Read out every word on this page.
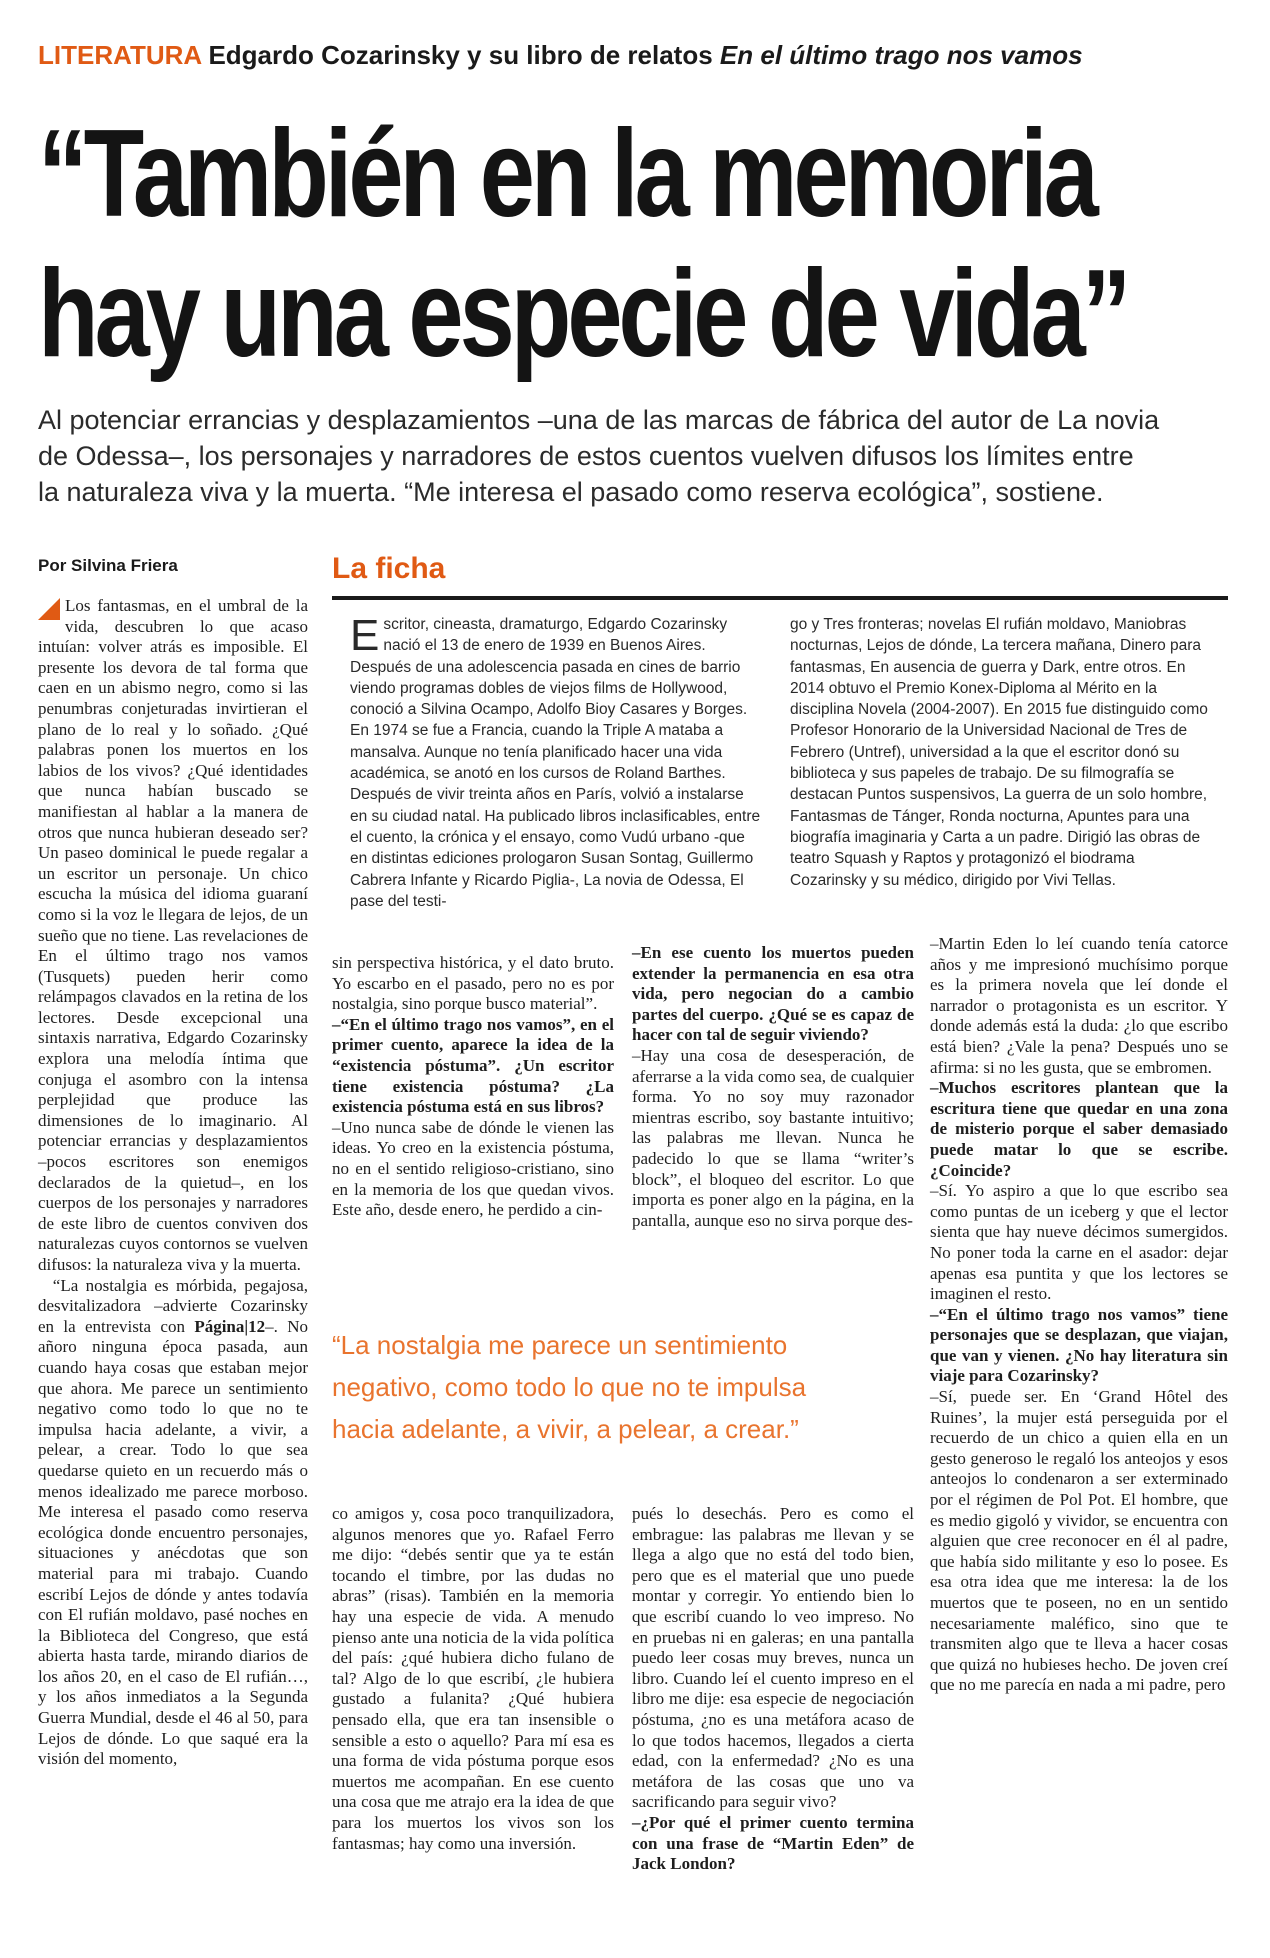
LITERATURA Edgardo Cozarinsky y su libro de relatos En el último trago nos vamos
“También en la memoria
hay una especie de vida”

Al potenciar errancias y desplazamientos –una de las marcas de fábrica del autor de La novia

de Odessa–, los personajes y narradores de estos cuentos vuelven difusos los límites entre

la naturaleza viva y la muerta. “Me interesa el pasado como reserva ecológica”, sostiene.

Por Silvina Friera	La ficha

Escritor, cineasta, dramaturgo, Edgardo Cozarinsky nació el 13 de enero de 1939 en Buenos Aires. Después de una adolescencia pasada en cines de barrio viendo programas dobles de viejos films de Hollywood, conoció a Silvina Ocampo, Adolfo Bioy Casares y Borges. En 1974 se fue a Francia, cuando la Triple A mataba a mansalva. Aunque no tenía planificado hacer una vida académica, se anotó en los cursos de Roland Barthes. Después de vivir treinta años en París, volvió a instalarse en su ciudad natal. Ha publicado libros inclasificables, entre el cuento, la crónica y el ensayo, como Vudú urbano -que en distintas ediciones prologaron Susan Sontag, Guillermo Cabrera Infante y Ricardo Piglia-, La novia de Odessa, El pase del testi-

go y Tres fronteras; novelas El rufián moldavo, Maniobras nocturnas, Lejos de dónde, La tercera mañana, Dinero para fantasmas, En ausencia de guerra y Dark, entre otros. En 2014 obtuvo el Premio Konex-Diploma al Mérito en la disciplina Novela (2004-2007). En 2015 fue distinguido como Profesor Honorario de la Universidad Nacional de Tres de Febrero (Untref), universidad a la que el escritor donó su biblioteca y sus papeles de trabajo. De su filmografía se destacan Puntos suspensivos, La guerra de un solo hombre, Fantasmas de Tánger, Ronda nocturna, Apuntes para una biografía imaginaria y Carta a un padre. Dirigió las obras de teatro Squash y Raptos y protagonizó el biodrama Cozarinsky y su médico, dirigido por Vivi Tellas.

Los fantasmas, en el umbral de la vida, descubren lo que acaso intuían: volver atrás es imposible. El presente los devora de tal forma que caen en un abismo negro, como si las penumbras conjeturadas invirtieran el plano de lo real y lo soñado. ¿Qué palabras ponen los muertos en los labios de los vivos? ¿Qué identidades que nunca habían buscado se manifiestan al hablar a la manera de otros que nunca hubieran deseado ser? Un paseo dominical le puede regalar a un escritor un personaje. Un chico escucha la música del idioma guaraní como si la voz le llegara de lejos, de un sueño que no tiene. Las revelaciones de En el último trago nos vamos (Tusquets) pueden herir como relámpagos clavados en la retina de los lectores. Desde excepcional una sintaxis narrativa, Edgardo Cozarinsky explora una melodía íntima que conjuga el asombro con la intensa perplejidad que produce las dimensiones de lo imaginario. Al potenciar errancias y desplazamientos –pocos escritores son enemigos declarados de la quietud–, en los cuerpos de los personajes y narradores de este libro de cuentos conviven dos naturalezas cuyos contornos se vuelven difusos: la naturaleza viva y la muerta.

“La nostalgia es mórbida, pegajosa, desvitalizadora –advierte Cozarinsky en la entrevista con Página|12–. No añoro ninguna época pasada, aun cuando haya cosas que estaban mejor que ahora. Me parece un sentimiento negativo como todo lo que no te impulsa hacia adelante, a vivir, a pelear, a crear. Todo lo que sea quedarse quieto en un recuerdo más o menos idealizado me parece morboso. Me interesa el pasado como reserva ecológica donde encuentro personajes, situaciones y anécdotas que son material para mi trabajo. Cuando escribí Lejos de dónde y antes todavía con El rufián moldavo, pasé noches en la Biblioteca del Congreso, que está abierta hasta tarde, mirando diarios de los años 20, en el caso de El rufián…, y los años inmediatos a la Segunda Guerra Mundial, desde el 46 al 50, para Lejos de dónde. Lo que saqué era la visión del momento,

sin perspectiva histórica, y el dato bruto. Yo escarbo en el pasado, pero no es por nostalgia, sino porque busco material”.

–“En el último trago nos vamos”, en el primer cuento, aparece la idea de la “existencia póstuma”. ¿Un escritor tiene existencia póstuma? ¿La existencia póstuma está en sus libros?

–Uno nunca sabe de dónde le vienen las ideas. Yo creo en la existencia póstuma, no en el sentido religioso-cristiano, sino en la memoria de los que quedan vivos. Este año, desde enero, he perdido a cin-

–En ese cuento los muertos pueden extender la permanencia en esa otra vida, pero negocian do a cambio partes del cuerpo. ¿Qué se es capaz de hacer con tal de seguir viviendo?

–Hay una cosa de desesperación, de aferrarse a la vida como sea, de cualquier forma. Yo no soy muy razonador mientras escribo, soy bastante intuitivo; las palabras me llevan. Nunca he padecido lo que se llama “writer’s block”, el bloqueo del escritor. Lo que importa es poner algo en la página, en la pantalla, aunque eso no sirva porque des-

–Martin Eden lo leí cuando tenía catorce años y me impresionó muchísimo porque es la primera novela que leí donde el narrador o protagonista es un escritor. Y donde además está la duda: ¿lo que escribo está bien? ¿Vale la pena? Después uno se afirma: si no les gusta, que se embromen.

–Muchos escritores plantean que la escritura tiene que quedar en una zona de misterio porque el saber demasiado puede matar lo que se escribe. ¿Coincide?

–Sí. Yo aspiro a que lo que escribo sea como puntas de un iceberg y que el lector sienta que hay nueve décimos sumergidos. No poner toda la carne en el asador: dejar apenas esa puntita y que los lectores se imaginen el resto.

–“En el último trago nos vamos” tiene personajes que se desplazan, que viajan, que van y vienen. ¿No hay literatura sin viaje para Cozarinsky?

–Sí, puede ser. En ‘Grand Hôtel des Ruines’, la mujer está perseguida por el recuerdo de un chico a quien ella en un gesto generoso le regaló los anteojos y esos anteojos lo condenaron a ser exterminado por el régimen de Pol Pot. El hombre, que es medio gigoló y vividor, se encuentra con alguien que cree reconocer en él al padre, que había sido militante y eso lo posee. Es esa otra idea que me interesa: la de los muertos que te poseen, no en un sentido necesariamente maléfico, sino que te transmiten algo que te lleva a hacer cosas que quizá no hubieses hecho. De joven creí que no me parecía en nada a mi padre, pero

“La nostalgia me parece un sentimiento

negativo, como todo lo que no te impulsa

hacia adelante, a vivir, a pelear, a crear.”

co amigos y, cosa poco tranquilizadora, algunos menores que yo. Rafael Ferro me dijo: “debés sentir que ya te están tocando el timbre, por las dudas no abras” (risas). También en la memoria hay una especie de vida. A menudo pienso ante una noticia de la vida política del país: ¿qué hubiera dicho fulano de tal? Algo de lo que escribí, ¿le hubiera gustado a fulanita? ¿Qué hubiera pensado ella, que era tan insensible o sensible a esto o aquello? Para mí esa es una forma de vida póstuma porque esos muertos me acompañan. En ese cuento una cosa que me atrajo era la idea de que para los muertos los vivos son los fantasmas; hay como una inversión.

pués lo desechás. Pero es como el embrague: las palabras me llevan y se llega a algo que no está del todo bien, pero que es el material que uno puede montar y corregir. Yo entiendo bien lo que escribí cuando lo veo impreso. No en pruebas ni en galeras; en una pantalla puedo leer cosas muy breves, nunca un libro. Cuando leí el cuento impreso en el libro me dije: esa especie de negociación póstuma, ¿no es una metáfora acaso de lo que todos hacemos, llegados a cierta edad, con la enfermedad? ¿No es una metáfora de las cosas que uno va sacrificando para seguir vivo?

–¿Por qué el primer cuento termina con una frase de “Martin Eden” de Jack London?
